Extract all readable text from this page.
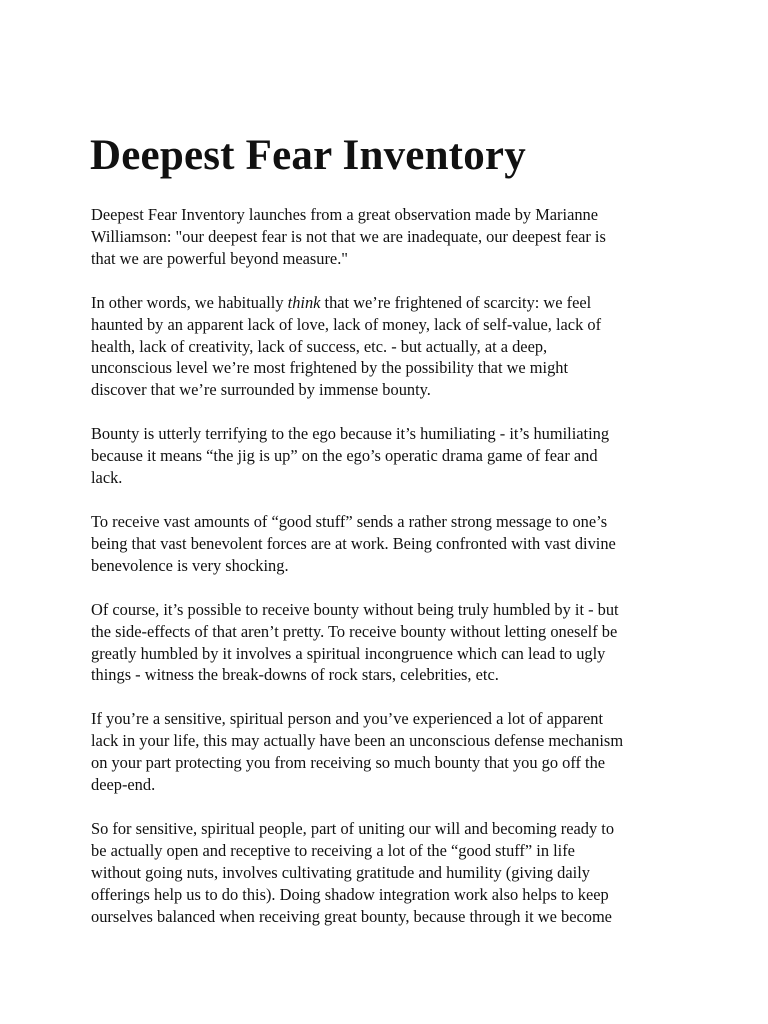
Deepest Fear Inventory

Deepest Fear Inventory launches from a great observation made by Marianne
Williamson: "our deepest fear is not that we are inadequate, our deepest fear is
that we are powerful beyond measure."

In other words, we habitually think that we’re frightened of scarcity: we feel
haunted by an apparent lack of love, lack of money, lack of self-value, lack of
health, lack of creativity, lack of success, etc. - but actually, at a deep,
unconscious level we’re most frightened by the possibility that we might
discover that we’re surrounded by immense bounty.

Bounty is utterly terrifying to the ego because it’s humiliating - it’s humiliating
because it means “the jig is up” on the ego’s operatic drama game of fear and
lack.

To receive vast amounts of “good stuff” sends a rather strong message to one’s
being that vast benevolent forces are at work. Being confronted with vast divine
benevolence is very shocking.

Of course, it’s possible to receive bounty without being truly humbled by it - but
the side-effects of that aren’t pretty. To receive bounty without letting oneself be
greatly humbled by it involves a spiritual incongruence which can lead to ugly
things - witness the break-downs of rock stars, celebrities, etc.

If you’re a sensitive, spiritual person and you’ve experienced a lot of apparent
lack in your life, this may actually have been an unconscious defense mechanism
on your part protecting you from receiving so much bounty that you go off the
deep-end.

So for sensitive, spiritual people, part of uniting our will and becoming ready to
be actually open and receptive to receiving a lot of the “good stuff” in life
without going nuts, involves cultivating gratitude and humility (giving daily
offerings help us to do this). Doing shadow integration work also helps to keep
ourselves balanced when receiving great bounty, because through it we become
